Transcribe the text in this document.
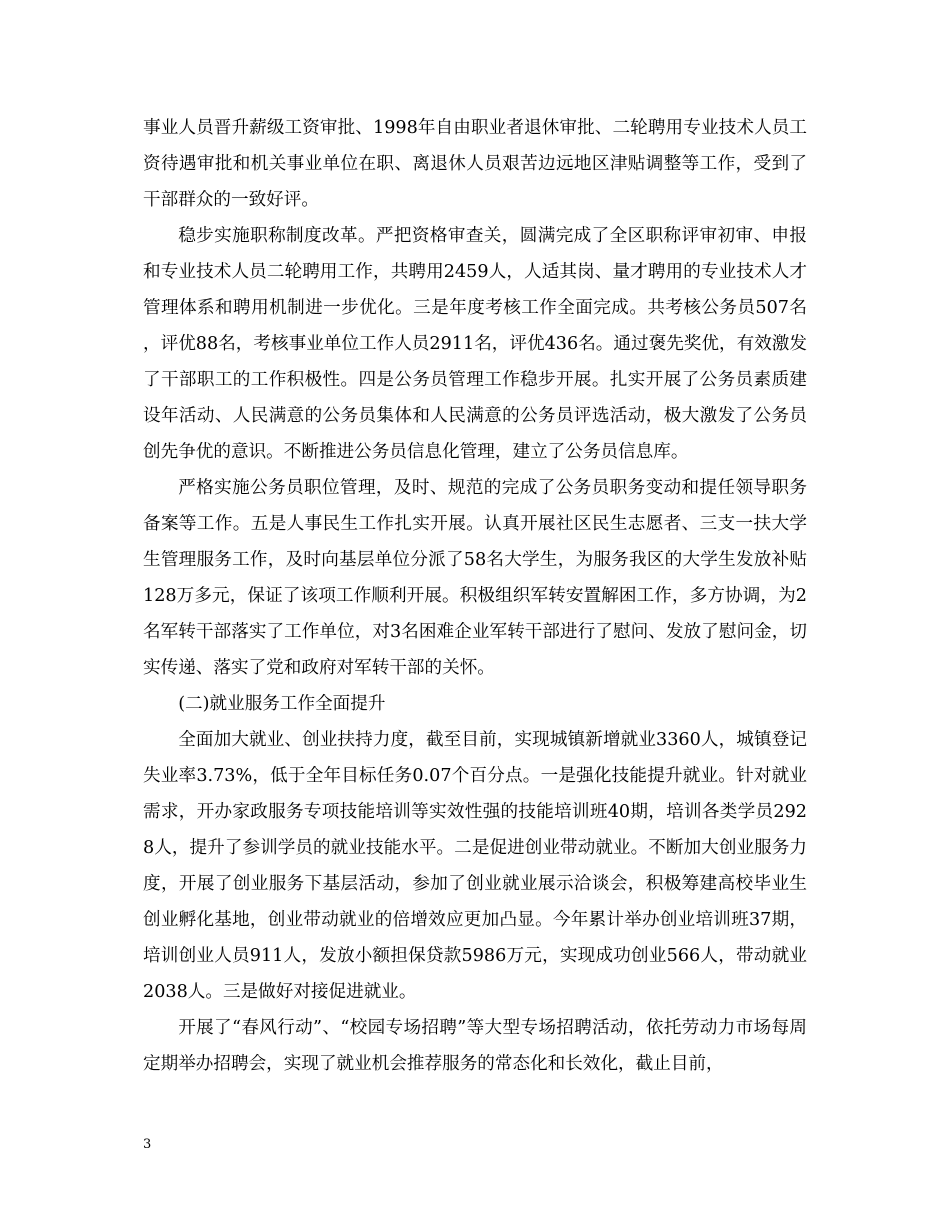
事业人员晋升薪级工资审批、1998年自由职业者退休审批、二轮聘用专业技术人员工资待遇审批和机关事业单位在职、离退休人员艰苦边远地区津贴调整等工作，受到了干部群众的一致好评。

稳步实施职称制度改革。严把资格审查关，圆满完成了全区职称评审初审、申报和专业技术人员二轮聘用工作，共聘用2459人，人适其岗、量才聘用的专业技术人才管理体系和聘用机制进一步优化。三是年度考核工作全面完成。共考核公务员507名，评优88名，考核事业单位工作人员2911名，评优436名。通过褒先奖优，有效激发了干部职工的工作积极性。四是公务员管理工作稳步开展。扎实开展了公务员素质建设年活动、人民满意的公务员集体和人民满意的公务员评选活动，极大激发了公务员创先争优的意识。不断推进公务员信息化管理，建立了公务员信息库。

严格实施公务员职位管理，及时、规范的完成了公务员职务变动和提任领导职务备案等工作。五是人事民生工作扎实开展。认真开展社区民生志愿者、三支一扶大学生管理服务工作，及时向基层单位分派了58名大学生，为服务我区的大学生发放补贴128万多元，保证了该项工作顺利开展。积极组织军转安置解困工作，多方协调，为2名军转干部落实了工作单位，对3名困难企业军转干部进行了慰问、发放了慰问金，切实传递、落实了党和政府对军转干部的关怀。

(二)就业服务工作全面提升

全面加大就业、创业扶持力度，截至目前，实现城镇新增就业3360人，城镇登记失业率3.73%，低于全年目标任务0.07个百分点。一是强化技能提升就业。针对就业需求，开办家政服务专项技能培训等实效性强的技能培训班40期，培训各类学员2928人，提升了参训学员的就业技能水平。二是促进创业带动就业。不断加大创业服务力度，开展了创业服务下基层活动，参加了创业就业展示洽谈会，积极筹建高校毕业生创业孵化基地，创业带动就业的倍增效应更加凸显。今年累计举办创业培训班37期，培训创业人员911人，发放小额担保贷款5986万元，实现成功创业566人，带动就业2038人。三是做好对接促进就业。

开展了“春风行动”、“校园专场招聘”等大型专场招聘活动，依托劳动力市场每周定期举办招聘会，实现了就业机会推荐服务的常态化和长效化，截止目前，

3
